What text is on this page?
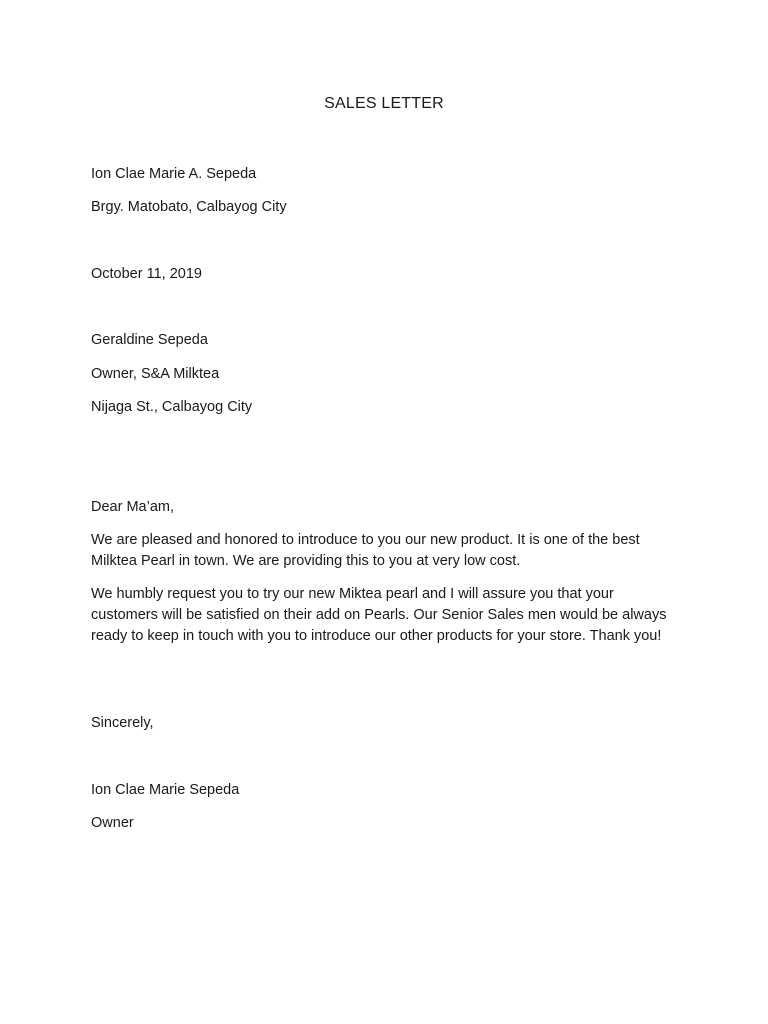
SALES LETTER
Ion Clae Marie A. Sepeda
Brgy. Matobato, Calbayog City
October 11, 2019
Geraldine Sepeda
Owner, S&A Milktea
Nijaga St., Calbayog City
Dear Ma’am,
We are pleased and honored to introduce to you our new product. It is one of the best Milktea Pearl in town. We are providing this to you at very low cost.
We humbly request you to try our new Miktea pearl and I will assure you that your customers will be satisfied on their add on Pearls. Our Senior Sales men would be always ready to keep in touch with you to introduce our other products for your store. Thank you!
Sincerely,
Ion Clae Marie Sepeda
Owner
